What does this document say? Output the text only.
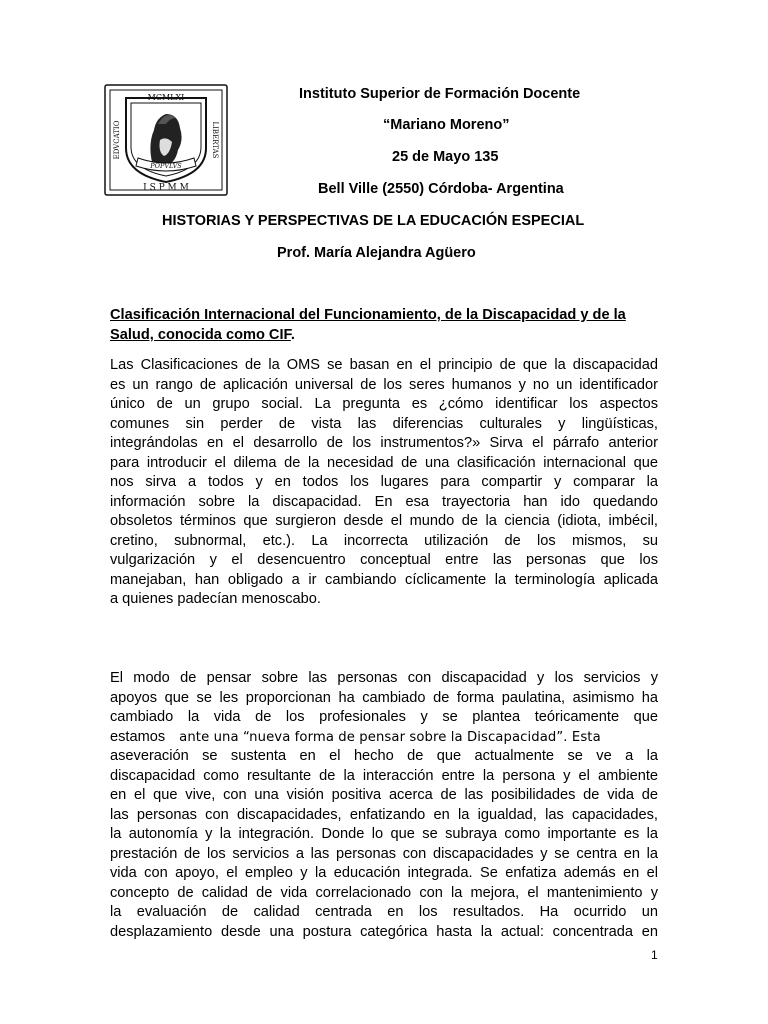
MCMLXI
EDVCATIO	LIBERTAS
POPVLVS
I S P M M
Instituto Superior de Formación Docente
“Mariano Moreno”
25 de Mayo 135
Bell Ville (2550) Córdoba- Argentina
HISTORIAS Y PERSPECTIVAS DE LA EDUCACIÓN ESPECIAL
Prof. María Alejandra Agüero
Clasificación Internacional del Funcionamiento, de la Discapacidad y de la
Salud, conocida como CIF.
Las Clasificaciones de la OMS se basan en el principio de que la discapacidad
es un rango de aplicación universal de los seres humanos y no un identificador
único de un grupo social. La pregunta es ¿cómo identificar los aspectos
comunes sin perder de vista las diferencias culturales y lingüísticas,
integrándolas en el desarrollo de los instrumentos?» Sirva el párrafo anterior
para introducir el dilema de la necesidad de una clasificación internacional que
nos sirva a todos y en todos los lugares para compartir y comparar la
información sobre la discapacidad. En esa trayectoria han ido quedando
obsoletos términos que surgieron desde el mundo de la ciencia (idiota, imbécil,
cretino, subnormal, etc.). La incorrecta utilización de los mismos, su
vulgarización y el desencuentro conceptual entre las personas que los
manejaban, han obligado a ir cambiando cíclicamente la terminología aplicada
a quienes padecían menoscabo.
El modo de pensar sobre las personas con discapacidad y los servicios y
apoyos que se les proporcionan ha cambiado de forma paulatina, asimismo ha
cambiado la vida de los profesionales y se plantea teóricamente que
estamos ante una “nueva forma de pensar sobre la Discapacidad”. Esta
aseveración se sustenta en el hecho de que actualmente se ve a la
discapacidad como resultante de la interacción entre la persona y el ambiente
en el que vive, con una visión positiva acerca de las posibilidades de vida de
las personas con discapacidades, enfatizando en la igualdad, las capacidades,
la autonomía y la integración. Donde lo que se subraya como importante es la
prestación de los servicios a las personas con discapacidades y se centra en la
vida con apoyo, el empleo y la educación integrada. Se enfatiza además en el
concepto de calidad de vida correlacionado con la mejora, el mantenimiento y
la evaluación de calidad centrada en los resultados. Ha ocurrido un
desplazamiento desde una postura categórica hasta la actual: concentrada en
1
